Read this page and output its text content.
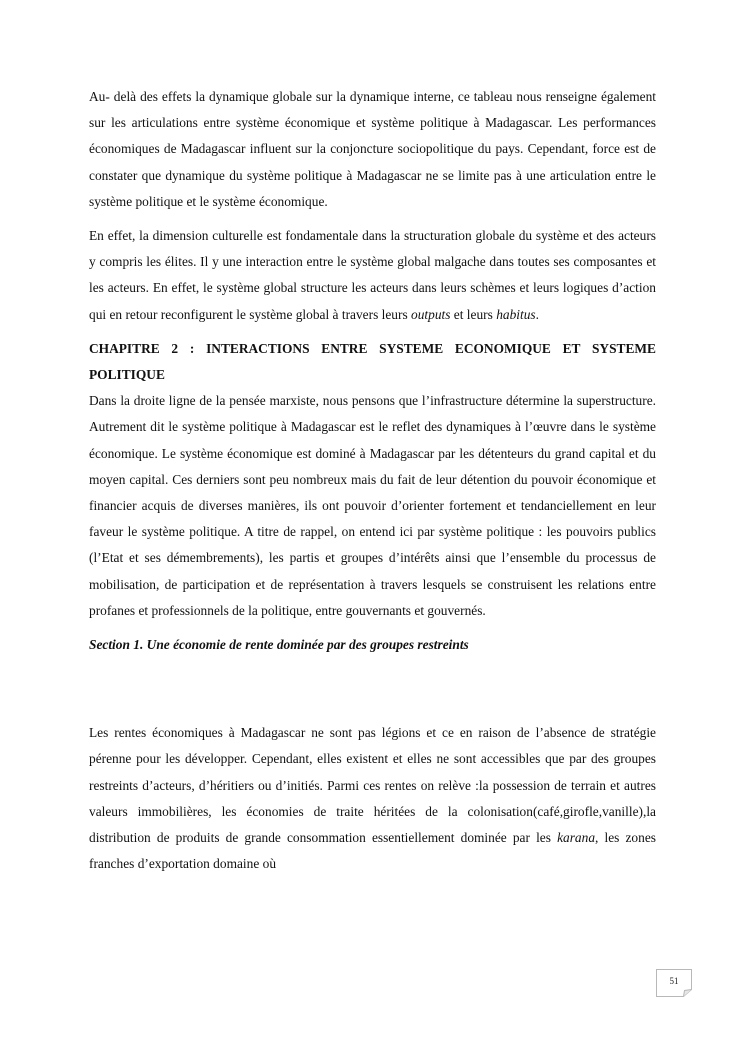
Au- delà des effets la dynamique globale sur la dynamique interne, ce tableau nous renseigne également sur les articulations entre système économique et système politique à Madagascar. Les performances économiques de Madagascar influent sur la conjoncture sociopolitique du pays. Cependant, force est de constater que dynamique du système politique à Madagascar ne se limite pas à une articulation entre le système politique et le système économique.

En effet, la dimension culturelle est fondamentale dans la structuration globale du système et des acteurs y compris les élites. Il y une interaction entre le système global malgache dans toutes ses composantes et les acteurs. En effet, le système global structure les acteurs dans leurs schèmes et leurs logiques d’action qui en retour reconfigurent le système global à travers leurs outputs et leurs habitus.

CHAPITRE 2 : INTERACTIONS ENTRE SYSTEME ECONOMIQUE ET SYSTEME POLITIQUE

Dans la droite ligne de la pensée marxiste, nous pensons que l’infrastructure détermine la superstructure. Autrement dit le système politique à Madagascar est le reflet des dynamiques à l’œuvre dans le système économique. Le système économique est dominé à Madagascar par les détenteurs du grand capital et du moyen capital. Ces derniers sont peu nombreux mais du fait de leur détention du pouvoir économique et financier acquis de diverses manières, ils ont pouvoir d’orienter fortement et tendanciellement en leur faveur le système politique. A titre de rappel, on entend ici par système politique : les pouvoirs publics (l’Etat et ses démembrements), les partis et groupes d’intérêts ainsi que l’ensemble du processus de mobilisation, de participation et de représentation à travers lesquels se construisent les relations entre profanes et professionnels de la politique, entre gouvernants et gouvernés.

Section 1. Une économie de rente dominée par des groupes restreints

Les rentes économiques à Madagascar ne sont pas légions et ce en raison de l’absence de stratégie pérenne pour les développer. Cependant, elles existent et elles ne sont accessibles que par des groupes restreints d’acteurs, d’héritiers ou d’initiés. Parmi ces rentes on relève :la possession de terrain et autres valeurs immobilières, les économies de traite héritées de la colonisation(café,girofle,vanille),la distribution de produits de grande consommation essentiellement dominée par les karana, les zones franches d’exportation domaine où

51
